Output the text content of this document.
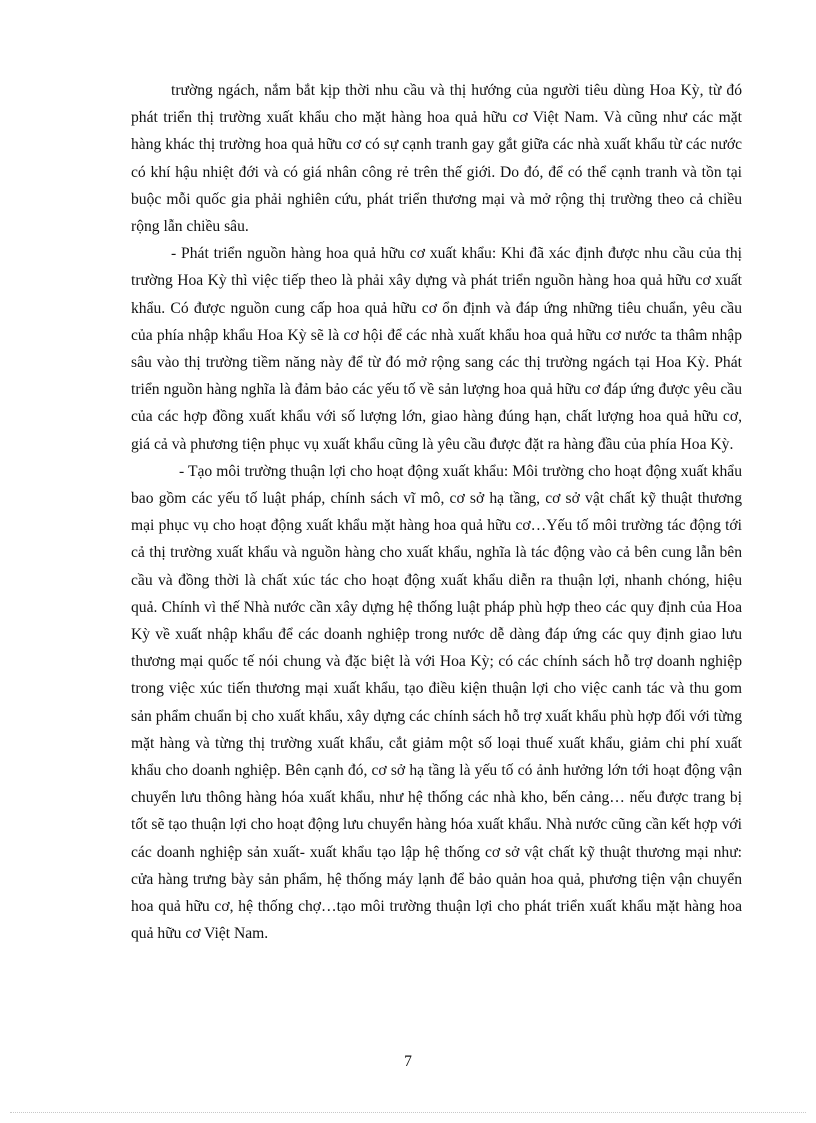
trường ngách, nắm bắt kịp thời nhu cầu và thị hướng của người tiêu dùng Hoa Kỳ, từ đó phát triển thị trường xuất khẩu cho mặt hàng hoa quả hữu cơ Việt Nam. Và cũng như các mặt hàng khác thị trường hoa quả hữu cơ có sự cạnh tranh gay gắt giữa các nhà xuất khẩu từ các nước có khí hậu nhiệt đới và có giá nhân công rẻ trên thế giới. Do đó, để có thể cạnh tranh và tồn tại buộc mỗi quốc gia phải nghiên cứu, phát triển thương mại và mở rộng thị trường theo cả chiều rộng lẫn chiều sâu.

- Phát triển nguồn hàng hoa quả hữu cơ xuất khẩu: Khi đã xác định được nhu cầu của thị trường Hoa Kỳ thì việc tiếp theo là phải xây dựng và phát triển nguồn hàng hoa quả hữu cơ xuất khẩu. Có được nguồn cung cấp hoa quả hữu cơ ổn định và đáp ứng những tiêu chuẩn, yêu cầu của phía nhập khẩu Hoa Kỳ sẽ là cơ hội để các nhà xuất khẩu hoa quả hữu cơ nước ta thâm nhập sâu vào thị trường tiềm năng này để từ đó mở rộng sang các thị trường ngách tại Hoa Kỳ. Phát triển nguồn hàng nghĩa là đảm bảo các yếu tố về sản lượng hoa quả hữu cơ đáp ứng được yêu cầu của các hợp đồng xuất khẩu với số lượng lớn, giao hàng đúng hạn, chất lượng hoa quả hữu cơ, giá cả và phương tiện phục vụ xuất khẩu cũng là yêu cầu được đặt ra hàng đầu của phía Hoa Kỳ.

- Tạo môi trường thuận lợi cho hoạt động xuất khẩu: Môi trường cho hoạt động xuất khẩu bao gồm các yếu tố luật pháp, chính sách vĩ mô, cơ sở hạ tầng, cơ sở vật chất kỹ thuật thương mại phục vụ cho hoạt động xuất khẩu mặt hàng hoa quả hữu cơ…Yếu tố môi trường tác động tới cả thị trường xuất khẩu và nguồn hàng cho xuất khẩu, nghĩa là tác động vào cả bên cung lẫn bên cầu và đồng thời là chất xúc tác cho hoạt động xuất khẩu diễn ra thuận lợi, nhanh chóng, hiệu quả. Chính vì thế Nhà nước cần xây dựng hệ thống luật pháp phù hợp theo các quy định của Hoa Kỳ về xuất nhập khẩu để các doanh nghiệp trong nước dễ dàng đáp ứng các quy định giao lưu thương mại quốc tế nói chung và đặc biệt là với Hoa Kỳ; có các chính sách hỗ trợ doanh nghiệp trong việc xúc tiến thương mại xuất khẩu, tạo điều kiện thuận lợi cho việc canh tác và thu gom sản phẩm chuẩn bị cho xuất khẩu, xây dựng các chính sách hỗ trợ xuất khẩu phù hợp đối với từng mặt hàng và từng thị trường xuất khẩu, cắt giảm một số loại thuế xuất khẩu, giảm chi phí xuất khẩu cho doanh nghiệp. Bên cạnh đó, cơ sở hạ tầng là yếu tố có ảnh hưởng lớn tới hoạt động vận chuyển lưu thông hàng hóa xuất khẩu, như hệ thống các nhà kho, bến cảng… nếu được trang bị tốt sẽ tạo thuận lợi cho hoạt động lưu chuyển hàng hóa xuất khẩu. Nhà nước cũng cần kết hợp với các doanh nghiệp sản xuất- xuất khẩu tạo lập hệ thống cơ sở vật chất kỹ thuật thương mại như: cửa hàng trưng bày sản phẩm, hệ thống máy lạnh để bảo quản hoa quả, phương tiện vận chuyển hoa quả hữu cơ, hệ thống chợ…tạo môi trường thuận lợi cho phát triển xuất khẩu mặt hàng hoa quả hữu cơ Việt Nam.

7
